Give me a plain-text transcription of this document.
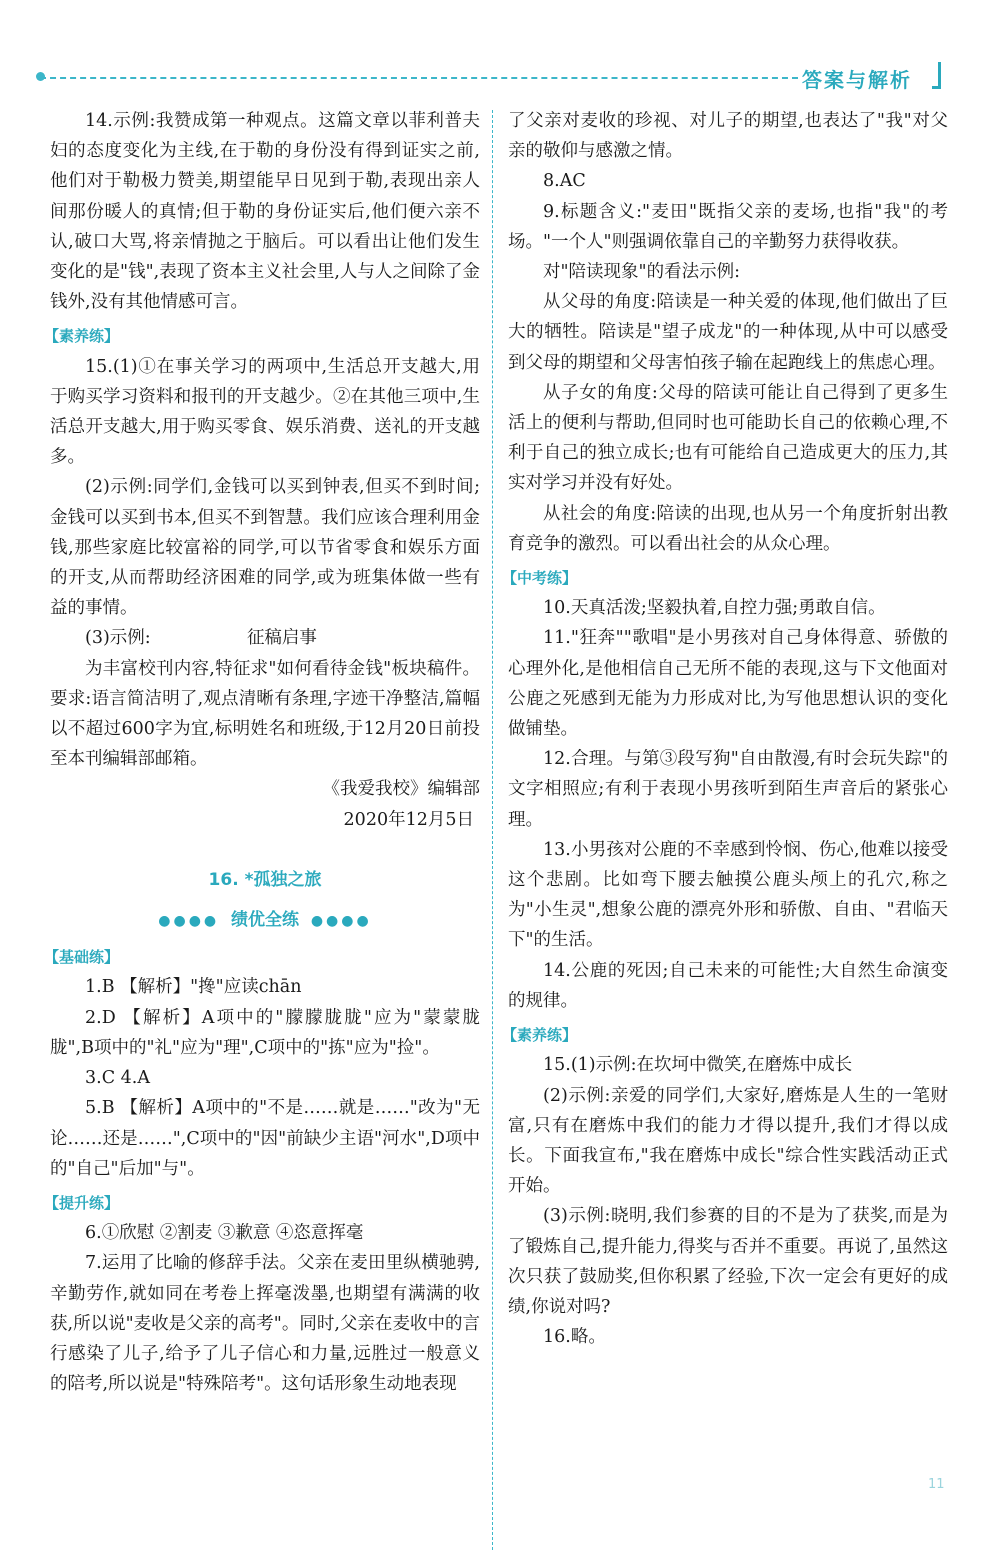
答案与解析

14.示例:我赞成第一种观点。这篇文章以菲利普夫妇的态度变化为主线,在于勒的身份没有得到证实之前,他们对于勒极力赞美,期望能早日见到于勒,表现出亲人间那份暖人的真情;但于勒的身份证实后,他们便六亲不认,破口大骂,将亲情抛之于脑后。可以看出让他们发生变化的是"钱",表现了资本主义社会里,人与人之间除了金钱外,没有其他情感可言。

【素养练】

15.(1)①在事关学习的两项中,生活总开支越大,用于购买学习资料和报刊的开支越少。②在其他三项中,生活总开支越大,用于购买零食、娱乐消费、送礼的开支越多。

(2)示例:同学们,金钱可以买到钟表,但买不到时间;金钱可以买到书本,但买不到智慧。我们应该合理利用金钱,那些家庭比较富裕的同学,可以节省零食和娱乐方面的开支,从而帮助经济困难的同学,或为班集体做一些有益的事情。

(3)示例:	征稿启事

为丰富校刊内容,特征求"如何看待金钱"板块稿件。要求:语言简洁明了,观点清晰有条理,字迹干净整洁,篇幅以不超过600字为宜,标明姓名和班级,于12月20日前投至本刊编辑部邮箱。

《我爱我校》编辑部

2020年12月5日

16. *孤独之旅
●●●● 绩优全练 ●●●●
【基础练】

1.B 【解析】"搀"应读chān

2.D 【解析】A项中的"朦朦胧胧"应为"蒙蒙胧胧",B项中的"礼"应为"理",C项中的"拣"应为"捡"。

3.C 4.A

5.B 【解析】A项中的"不是……就是……"改为"无论……还是……",C项中的"因"前缺少主语"河水",D项中的"自己"后加"与"。

【提升练】

6.①欣慰 ②割麦 ③歉意 ④恣意挥毫

7.运用了比喻的修辞手法。父亲在麦田里纵横驰骋,辛勤劳作,就如同在考卷上挥毫泼墨,也期望有满满的收获,所以说"麦收是父亲的高考"。同时,父亲在麦收中的言行感染了儿子,给予了儿子信心和力量,远胜过一般意义的陪考,所以说是"特殊陪考"。这句话形象生动地表现

了父亲对麦收的珍视、对儿子的期望,也表达了"我"对父亲的敬仰与感激之情。

8.AC

9.标题含义:"麦田"既指父亲的麦场,也指"我"的考场。"一个人"则强调依靠自己的辛勤努力获得收获。

对"陪读现象"的看法示例:

从父母的角度:陪读是一种关爱的体现,他们做出了巨大的牺牲。陪读是"望子成龙"的一种体现,从中可以感受到父母的期望和父母害怕孩子输在起跑线上的焦虑心理。

从子女的角度:父母的陪读可能让自己得到了更多生活上的便利与帮助,但同时也可能助长自己的依赖心理,不利于自己的独立成长;也有可能给自己造成更大的压力,其实对学习并没有好处。

从社会的角度:陪读的出现,也从另一个角度折射出教育竞争的激烈。可以看出社会的从众心理。

【中考练】

10.天真活泼;坚毅执着,自控力强;勇敢自信。

11."狂奔""歌唱"是小男孩对自己身体得意、骄傲的心理外化,是他相信自己无所不能的表现,这与下文他面对公鹿之死感到无能为力形成对比,为写他思想认识的变化做铺垫。

12.合理。与第③段写狗"自由散漫,有时会玩失踪"的文字相照应;有利于表现小男孩听到陌生声音后的紧张心理。

13.小男孩对公鹿的不幸感到怜悯、伤心,他难以接受这个悲剧。比如弯下腰去触摸公鹿头颅上的孔穴,称之为"小生灵",想象公鹿的漂亮外形和骄傲、自由、"君临天下"的生活。

14.公鹿的死因;自己未来的可能性;大自然生命演变的规律。

【素养练】

15.(1)示例:在坎坷中微笑,在磨炼中成长

(2)示例:亲爱的同学们,大家好,磨炼是人生的一笔财富,只有在磨炼中我们的能力才得以提升,我们才得以成长。下面我宣布,"我在磨炼中成长"综合性实践活动正式开始。

(3)示例:晓明,我们参赛的目的不是为了获奖,而是为了锻炼自己,提升能力,得奖与否并不重要。再说了,虽然这次只获了鼓励奖,但你积累了经验,下次一定会有更好的成绩,你说对吗?

16.略。

11
